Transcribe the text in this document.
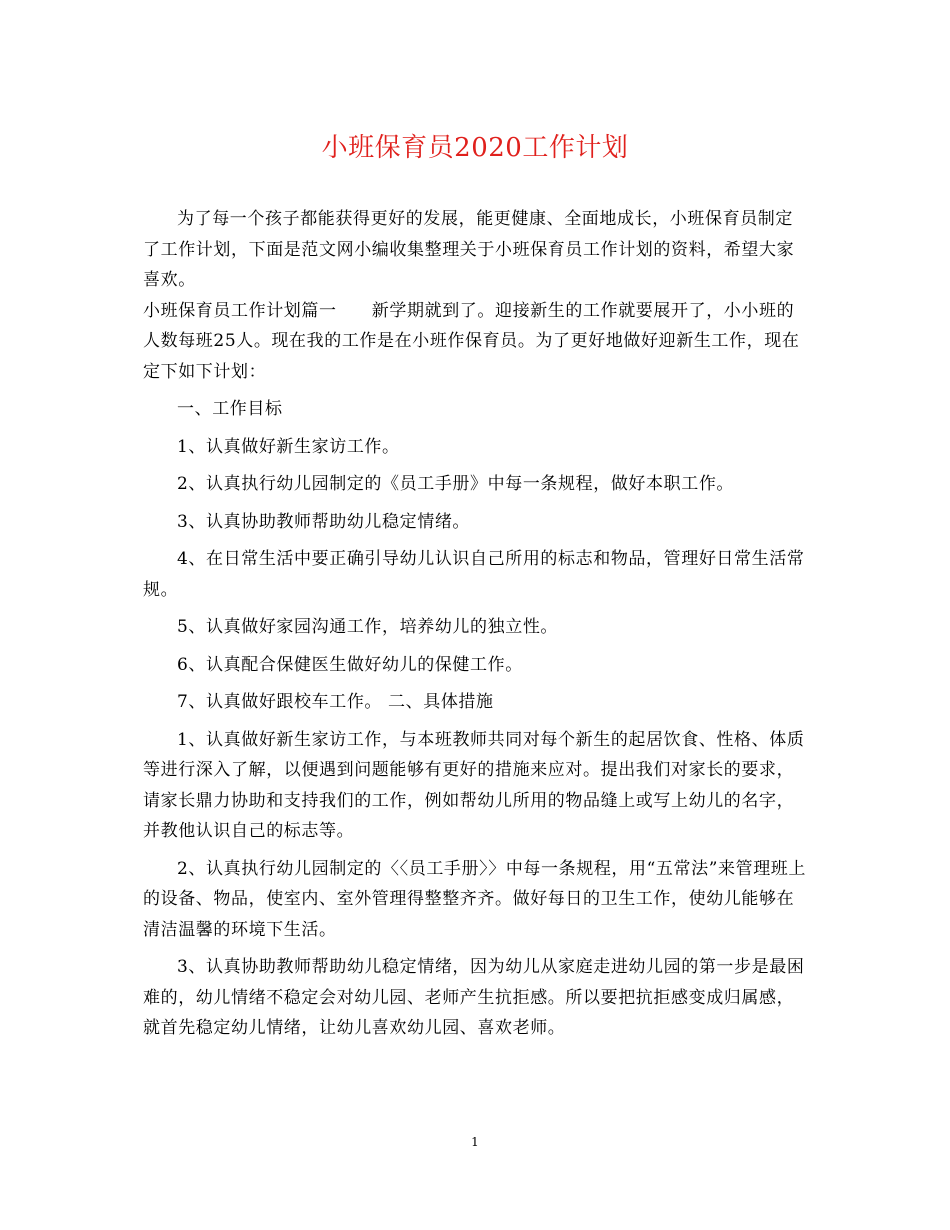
小班保育员2020工作计划

为了每一个孩子都能获得更好的发展，能更健康、全面地成长，小班保育员制定了工作计划，下面是范文网小编收集整理关于小班保育员工作计划的资料，希望大家喜欢。

小班保育员工作计划篇一　　新学期就到了。迎接新生的工作就要展开了，小小班的人数每班25人。现在我的工作是在小班作保育员。为了更好地做好迎新生工作，现在定下如下计划：

一、工作目标

1、认真做好新生家访工作。

2、认真执行幼儿园制定的《员工手册》中每一条规程，做好本职工作。

3、认真协助教师帮助幼儿稳定情绪。

4、在日常生活中要正确引导幼儿认识自己所用的标志和物品，管理好日常生活常规。

5、认真做好家园沟通工作，培养幼儿的独立性。

6、认真配合保健医生做好幼儿的保健工作。

7、认真做好跟校车工作。 二、具体措施

1、认真做好新生家访工作，与本班教师共同对每个新生的起居饮食、性格、体质等进行深入了解，以便遇到问题能够有更好的措施来应对。提出我们对家长的要求，请家长鼎力协助和支持我们的工作，例如帮幼儿所用的物品缝上或写上幼儿的名字，并教他认识自己的标志等。

2、认真执行幼儿园制定的〈〈员工手册〉〉中每一条规程，用“五常法”来管理班上的设备、物品，使室内、室外管理得整整齐齐。做好每日的卫生工作，使幼儿能够在清洁温馨的环境下生活。

3、认真协助教师帮助幼儿稳定情绪，因为幼儿从家庭走进幼儿园的第一步是最困难的，幼儿情绪不稳定会对幼儿园、老师产生抗拒感。所以要把抗拒感变成归属感，就首先稳定幼儿情绪，让幼儿喜欢幼儿园、喜欢老师。

1
